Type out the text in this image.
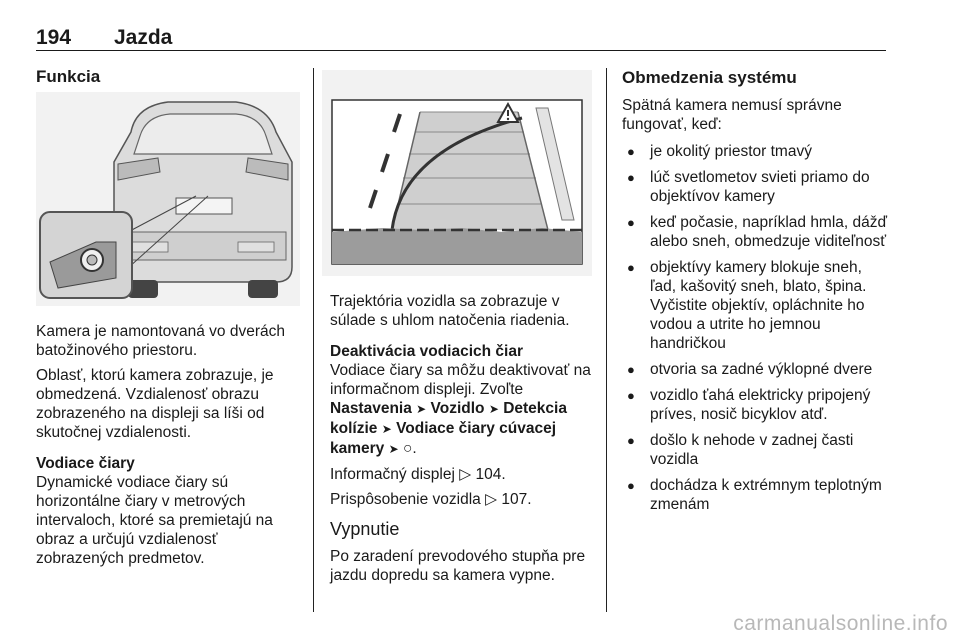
194 Jazda
Funkcia

Kamera je namontovaná vo dverách batožinového priestoru.

Oblasť, ktorú kamera zobrazuje, je obmedzená. Vzdialenosť obrazu zobrazeného na displeji sa líši od skutočnej vzdialenosti.

Vodiace čiary

Dynamické vodiace čiary sú horizontálne čiary v metrových intervaloch, ktoré sa premietajú na obraz a určujú vzdialenosť zobrazených predmetov.

Trajektória vozidla sa zobrazuje v súlade s uhlom natočenia riadenia.

Deaktivácia vodiacich čiar

Vodiace čiary sa môžu deaktivovať na informačnom displeji. Zvoľte Nastavenia ➤ Vozidlo ➤ Detekcia kolízie ➤ Vodiace čiary cúvacej kamery ➤ ○.

Informačný displej ▷ 104.

Prispôsobenie vozidla ▷ 107.

Vypnutie

Po zaradení prevodového stupňa pre jazdu dopredu sa kamera vypne.

Obmedzenia systému

Spätná kamera nemusí správne fungovať, keď:

● je okolitý priestor tmavý
● lúč svetlometov svieti priamo do objektívov kamery
● keď počasie, napríklad hmla, dážď alebo sneh, obmedzuje viditeľnosť
● objektívy kamery blokuje sneh, ľad, kašovitý sneh, blato, špina. Vyčistite objektív, opláchnite ho vodou a utrite ho jemnou handričkou
● otvoria sa zadné výklopné dvere
● vozidlo ťahá elektricky pripojený príves, nosič bicyklov atď.
● došlo k nehode v zadnej časti vozidla
● dochádza k extrémnym teplotným zmenám
carmanualsonline.info
